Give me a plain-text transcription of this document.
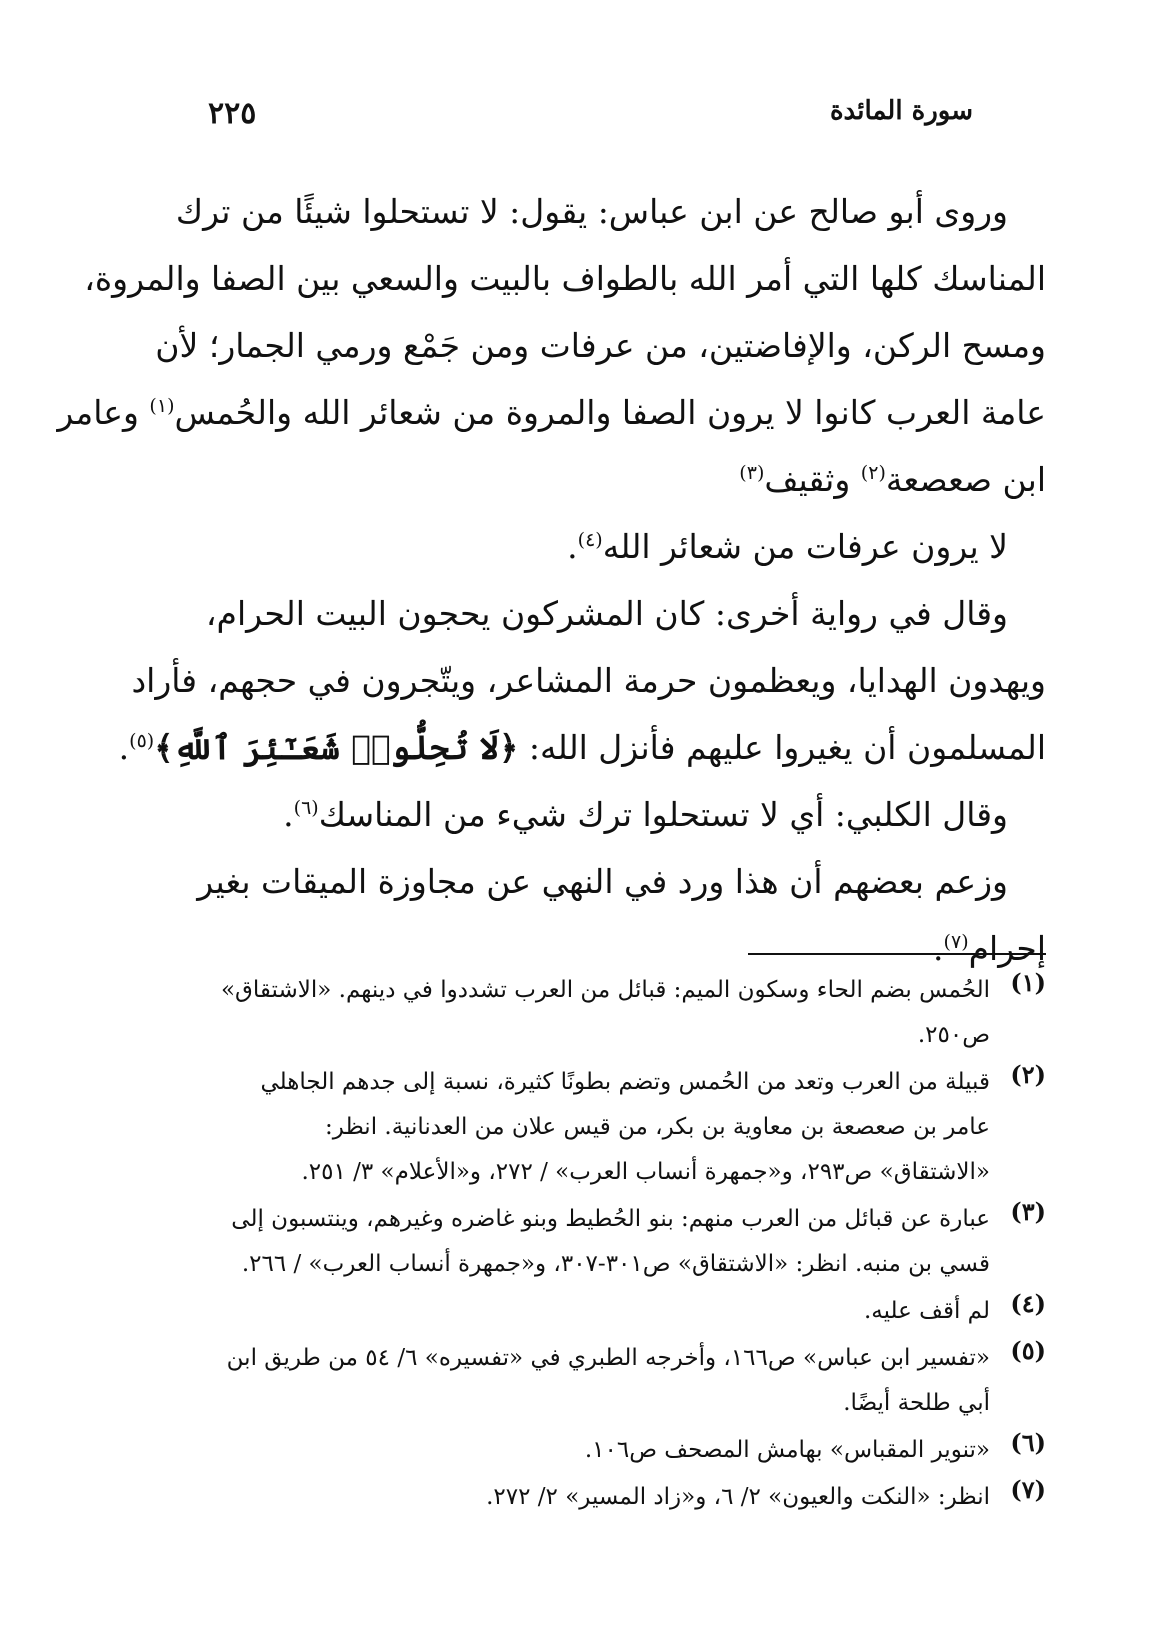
سورة المائدة
٢٢٥
وروى أبو صالح عن ابن عباس: يقول: لا تستحلوا شيئًا من ترك
المناسك كلها التي أمر الله بالطواف بالبيت والسعي بين الصفا والمروة،
ومسح الركن، والإفاضتين، من عرفات ومن جَمْع ورمي الجمار؛ لأن
عامة العرب كانوا لا يرون الصفا والمروة من شعائر الله والحُمس$^{(١)}$ وعامر
ابن صعصعة$^{(٢)}$ وثقيف$^{(٣)}$
لا يرون عرفات من شعائر الله$^{(٤)}$.
وقال في رواية أخرى: كان المشركون يحجون البيت الحرام،
ويهدون الهدايا، ويعظمون حرمة المشاعر، ويتّجرون في حجهم، فأراد
المسلمون أن يغيروا عليهم فأنزل الله: ﴿لَا تُحِلُّوا۟ شَعَـٰٓئِرَ ٱللَّهِ﴾$^{(٥)}$.
وقال الكلبي: أي لا تستحلوا ترك شيء من المناسك$^{(٦)}$.
وزعم بعضهم أن هذا ورد في النهي عن مجاوزة الميقات بغير
إحرام$^{(٧)}$.
(١)
الحُمس بضم الحاء وسكون الميم: قبائل من العرب تشددوا في دينهم. «الاشتقاق»
ص٢٥٠.
(٢)
قبيلة من العرب وتعد من الحُمس وتضم بطونًا كثيرة، نسبة إلى جدهم الجاهلي
عامر بن صعصعة بن معاوية بن بكر، من قيس علان من العدنانية. انظر:
«الاشتقاق» ص٢٩٣، و«جمهرة أنساب العرب» / ٢٧٢، و«الأعلام» ٣/ ٢٥١.
(٣)
عبارة عن قبائل من العرب منهم: بنو الحُطيط وبنو غاضره وغيرهم، وينتسبون إلى
قسي بن منبه. انظر: «الاشتقاق» ص٣٠١-٣٠٧، و«جمهرة أنساب العرب» / ٢٦٦.
(٤)
لم أقف عليه.
(٥)
«تفسير ابن عباس» ص١٦٦، وأخرجه الطبري في «تفسيره» ٦/ ٥٤ من طريق ابن
أبي طلحة أيضًا.
(٦)
«تنوير المقباس» بهامش المصحف ص١٠٦.
(٧)
انظر: «النكت والعيون» ٢/ ٦، و«زاد المسير» ٢/ ٢٧٢.
